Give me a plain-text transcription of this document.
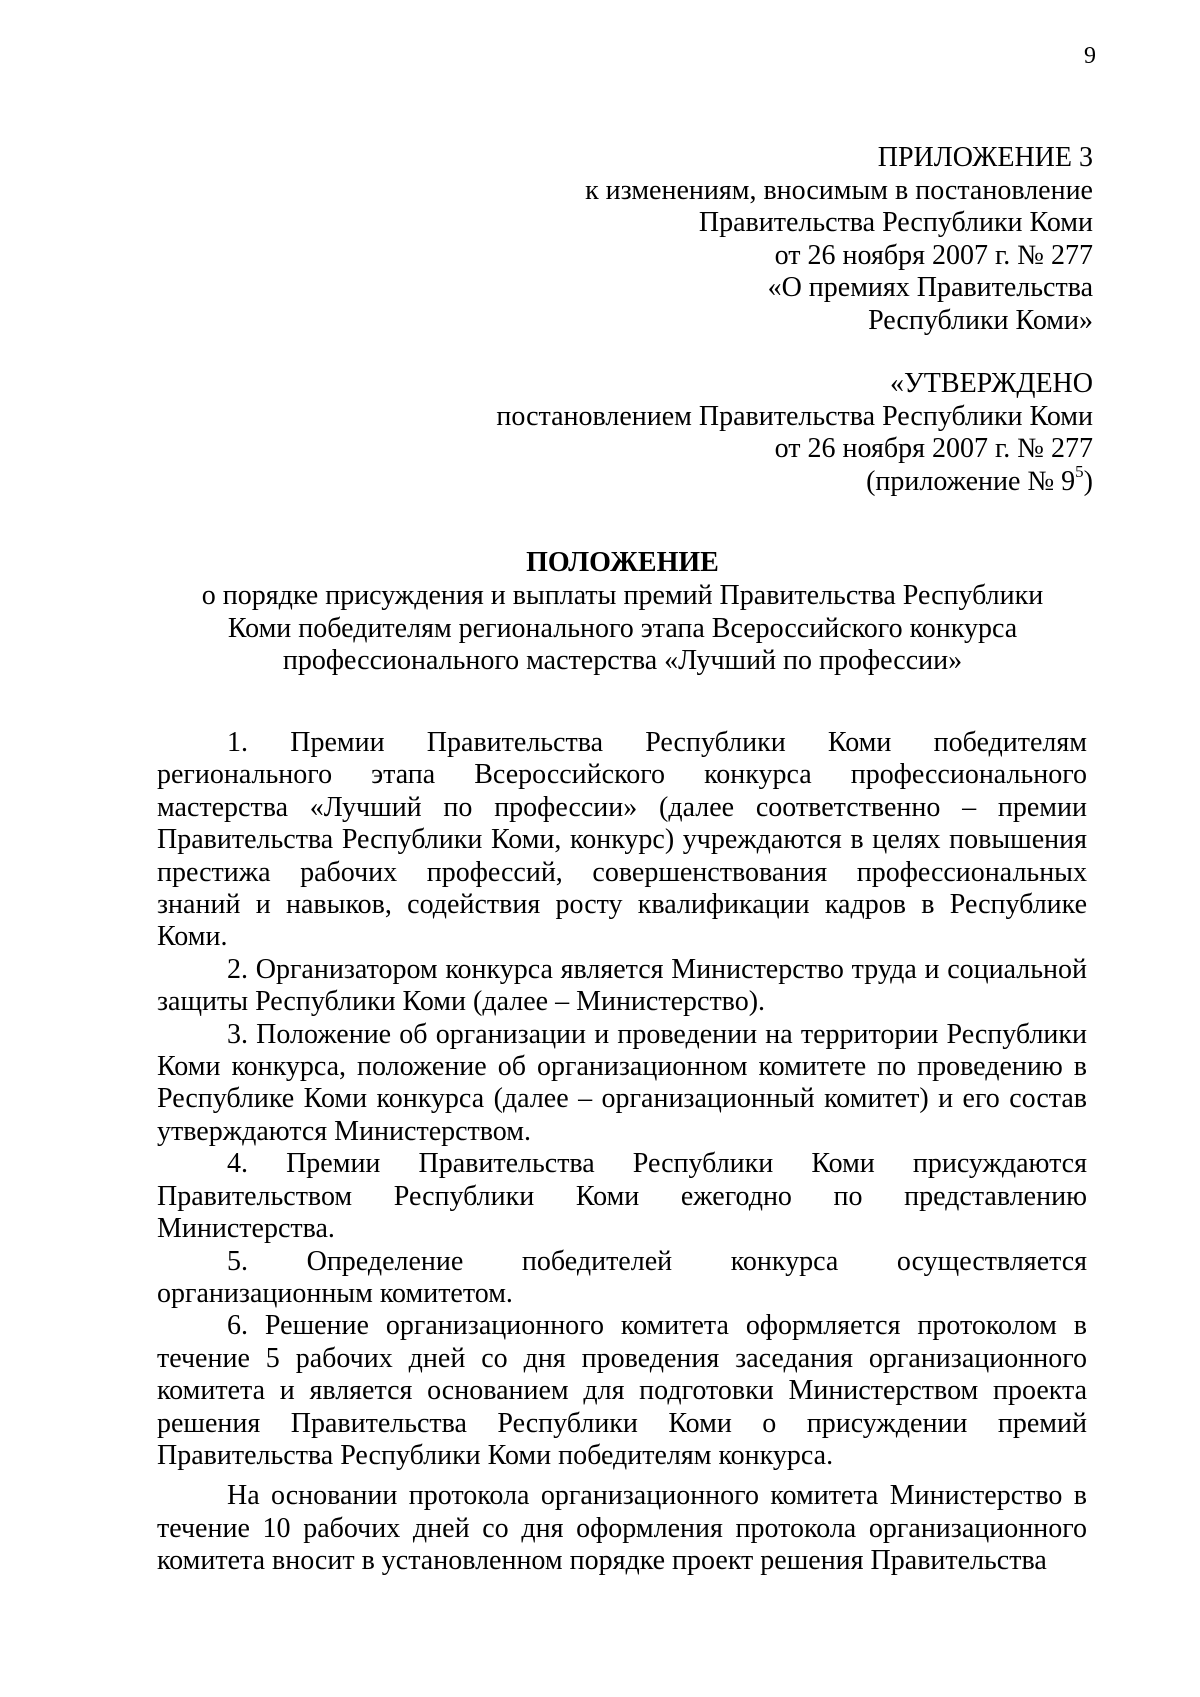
9
ПРИЛОЖЕНИЕ 3
к изменениям, вносимым в постановление
Правительства Республики Коми
от 26 ноября 2007 г. № 277
«О премиях Правительства
Республики Коми»
«УТВЕРЖДЕНО
постановлением Правительства Республики Коми
от 26 ноября 2007 г. № 277
(приложение № $9^5$)
ПОЛОЖЕНИЕ
о порядке присуждения и выплаты премий Правительства Республики
Коми победителям регионального этапа Всероссийского конкурса
профессионального мастерства «Лучший по профессии»

1. Премии Правительства Республики Коми победителям регионального этапа Всероссийского конкурса профессионального мастерства «Лучший по профессии» (далее соответственно – премии Правительства Республики Коми, конкурс) учреждаются в целях повышения престижа рабочих профессий, совершенствования профессиональных знаний и навыков, содействия росту квалификации кадров в Республике Коми.

2. Организатором конкурса является Министерство труда и социальной защиты Республики Коми (далее – Министерство).

3. Положение об организации и проведении на территории Республики Коми конкурса, положение об организационном комитете по проведению в Республике Коми конкурса (далее – организационный комитет) и его состав утверждаются Министерством.

4. Премии Правительства Республики Коми присуждаются Правительством Республики Коми ежегодно по представлению Министерства.

5. Определение победителей конкурса осуществляется организационным комитетом.

6. Решение организационного комитета оформляется протоколом в течение 5 рабочих дней со дня проведения заседания организационного комитета и является основанием для подготовки Министерством проекта решения Правительства Республики Коми о присуждении премий Правительства Республики Коми победителям конкурса.

На основании протокола организационного комитета Министерство в течение 10 рабочих дней со дня оформления протокола организационного комитета вносит в установленном порядке проект решения Правительства
